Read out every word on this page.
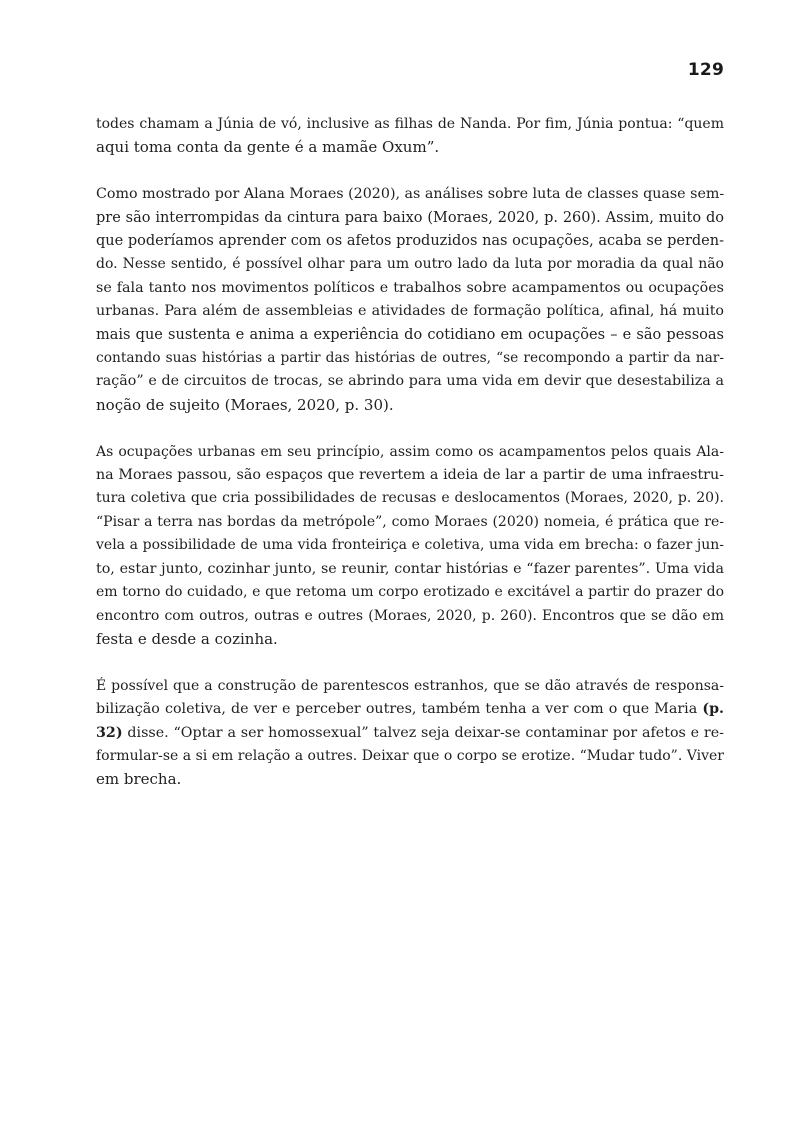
129

todes chamam a Júnia de vó, inclusive as filhas de Nanda. Por fim, Júnia pontua: “quem
aqui toma conta da gente é a mamãe Oxum”.

Como mostrado por Alana Moraes (2020), as análises sobre luta de classes quase sem-
pre são interrompidas da cintura para baixo (Moraes, 2020, p. 260). Assim, muito do
que poderíamos aprender com os afetos produzidos nas ocupações, acaba se perden-
do. Nesse sentido, é possível olhar para um outro lado da luta por moradia da qual não
se fala tanto nos movimentos políticos e trabalhos sobre acampamentos ou ocupações
urbanas. Para além de assembleias e atividades de formação política, afinal, há muito
mais que sustenta e anima a experiência do cotidiano em ocupações – e são pessoas
contando suas histórias a partir das histórias de outres, “se recompondo a partir da nar-
ração” e de circuitos de trocas, se abrindo para uma vida em devir que desestabiliza a
noção de sujeito (Moraes, 2020, p. 30).

As ocupações urbanas em seu princípio, assim como os acampamentos pelos quais Ala-
na Moraes passou, são espaços que revertem a ideia de lar a partir de uma infraestru-
tura coletiva que cria possibilidades de recusas e deslocamentos (Moraes, 2020, p. 20).
“Pisar a terra nas bordas da metrópole”, como Moraes (2020) nomeia, é prática que re-
vela a possibilidade de uma vida fronteiriça e coletiva, uma vida em brecha: o fazer jun-
to, estar junto, cozinhar junto, se reunir, contar histórias e “fazer parentes”. Uma vida
em torno do cuidado, e que retoma um corpo erotizado e excitável a partir do prazer do
encontro com outros, outras e outres (Moraes, 2020, p. 260). Encontros que se dão em
festa e desde a cozinha.

É possível que a construção de parentescos estranhos, que se dão através de responsa-
bilização coletiva, de ver e perceber outres, também tenha a ver com o que Maria (p.
32) disse. “Optar a ser homossexual” talvez seja deixar-se contaminar por afetos e re-
formular-se a si em relação a outres. Deixar que o corpo se erotize. “Mudar tudo”. Viver
em brecha.
